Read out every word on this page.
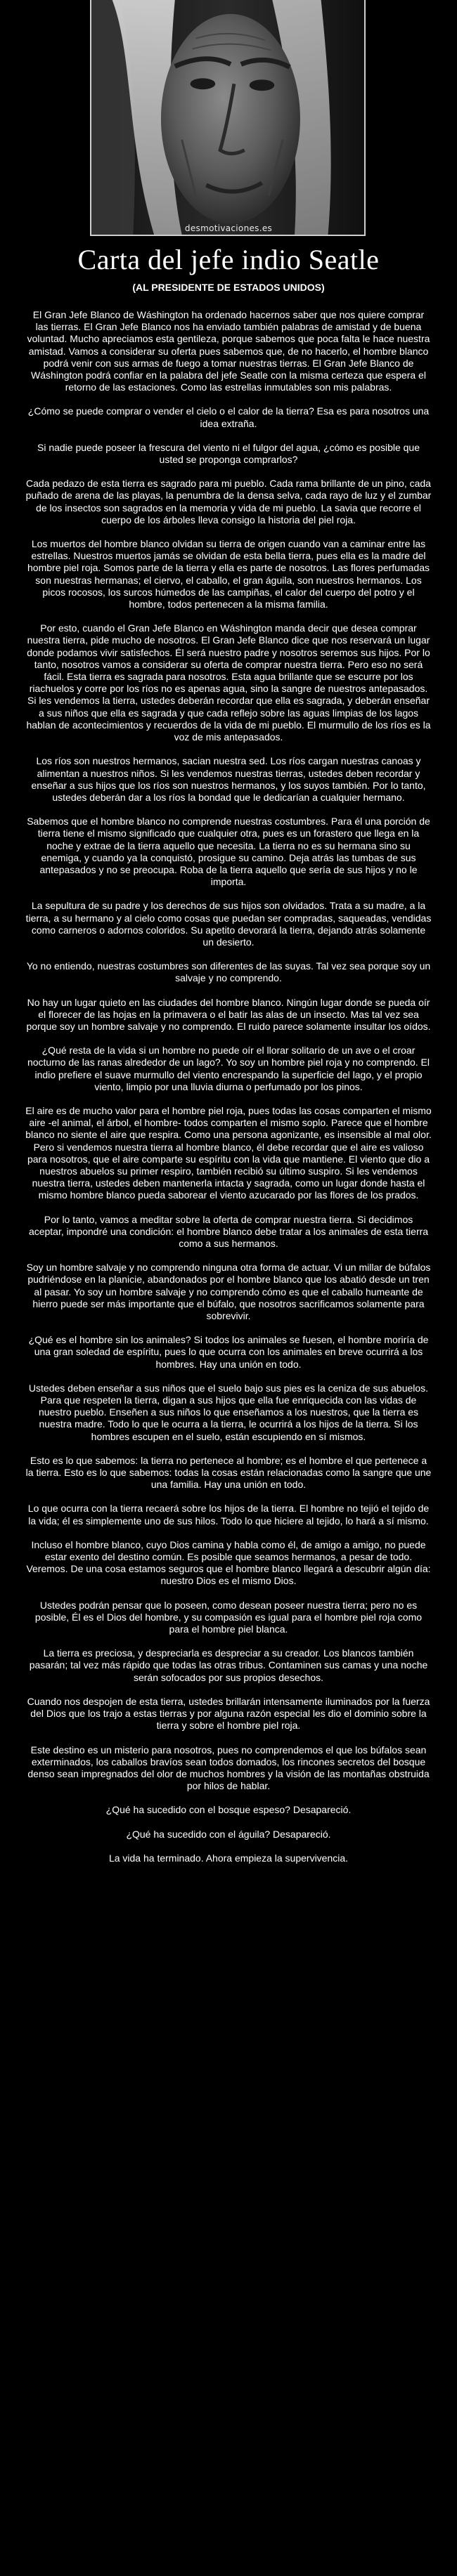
desmotivaciones.es
Carta del jefe indio Seatle
(AL PRESIDENTE DE ESTADOS UNIDOS)

El Gran Jefe Blanco de Wáshington ha ordenado hacernos saber que nos quiere comprar las tierras. El Gran Jefe Blanco nos ha enviado también palabras de amistad y de buena voluntad. Mucho apreciamos esta gentileza, porque sabemos que poca falta le hace nuestra amistad. Vamos a considerar su oferta pues sabemos que, de no hacerlo, el hombre blanco podrá venir con sus armas de fuego a tomar nuestras tierras. El Gran Jefe Blanco de Wáshington podrá confiar en la palabra del jefe Seatle con la misma certeza que espera el retorno de las estaciones. Como las estrellas inmutables son mis palabras.

¿Cómo se puede comprar o vender el cielo o el calor de la tierra? Esa es para nosotros una idea extraña.

Si nadie puede poseer la frescura del viento ni el fulgor del agua, ¿cómo es posible que usted se proponga comprarlos?

Cada pedazo de esta tierra es sagrado para mi pueblo. Cada rama brillante de un pino, cada puñado de arena de las playas, la penumbra de la densa selva, cada rayo de luz y el zumbar de los insectos son sagrados en la memoria y vida de mi pueblo. La savia que recorre el cuerpo de los árboles lleva consigo la historia del piel roja.

Los muertos del hombre blanco olvidan su tierra de origen cuando van a caminar entre las estrellas. Nuestros muertos jamás se olvidan de esta bella tierra, pues ella es la madre del hombre piel roja. Somos parte de la tierra y ella es parte de nosotros. Las flores perfumadas son nuestras hermanas; el ciervo, el caballo, el gran águila, son nuestros hermanos. Los picos rocosos, los surcos húmedos de las campiñas, el calor del cuerpo del potro y el hombre, todos pertenecen a la misma familia.

Por esto, cuando el Gran Jefe Blanco en Wáshington manda decir que desea comprar nuestra tierra, pide mucho de nosotros. El Gran Jefe Blanco dice que nos reservará un lugar donde podamos vivir satisfechos. Él será nuestro padre y nosotros seremos sus hijos. Por lo tanto, nosotros vamos a considerar su oferta de comprar nuestra tierra. Pero eso no será fácil. Esta tierra es sagrada para nosotros. Esta agua brillante que se escurre por los riachuelos y corre por los ríos no es apenas agua, sino la sangre de nuestros antepasados. Si les vendemos la tierra, ustedes deberán recordar que ella es sagrada, y deberán enseñar a sus niños que ella es sagrada y que cada reflejo sobre las aguas limpias de los lagos hablan de acontecimientos y recuerdos de la vida de mi pueblo. El murmullo de los ríos es la voz de mis antepasados.

Los ríos son nuestros hermanos, sacian nuestra sed. Los ríos cargan nuestras canoas y alimentan a nuestros niños. Si les vendemos nuestras tierras, ustedes deben recordar y enseñar a sus hijos que los ríos son nuestros hermanos, y los suyos también. Por lo tanto, ustedes deberán dar a los ríos la bondad que le dedicarían a cualquier hermano.

Sabemos que el hombre blanco no comprende nuestras costumbres. Para él una porción de tierra tiene el mismo significado que cualquier otra, pues es un forastero que llega en la noche y extrae de la tierra aquello que necesita. La tierra no es su hermana sino su enemiga, y cuando ya la conquistó, prosigue su camino. Deja atrás las tumbas de sus antepasados y no se preocupa. Roba de la tierra aquello que sería de sus hijos y no le importa.

La sepultura de su padre y los derechos de sus hijos son olvidados. Trata a su madre, a la tierra, a su hermano y al cielo como cosas que puedan ser compradas, saqueadas, vendidas como carneros o adornos coloridos. Su apetito devorará la tierra, dejando atrás solamente un desierto.

Yo no entiendo, nuestras costumbres son diferentes de las suyas. Tal vez sea porque soy un salvaje y no comprendo.

No hay un lugar quieto en las ciudades del hombre blanco. Ningún lugar donde se pueda oír el florecer de las hojas en la primavera o el batir las alas de un insecto. Mas tal vez sea porque soy un hombre salvaje y no comprendo. El ruido parece solamente insultar los oídos.

¿Qué resta de la vida si un hombre no puede oír el llorar solitario de un ave o el croar nocturno de las ranas alrededor de un lago?. Yo soy un hombre piel roja y no comprendo. El indio prefiere el suave murmullo del viento encrespando la superficie del lago, y el propio viento, limpio por una lluvia diurna o perfumado por los pinos.

El aire es de mucho valor para el hombre piel roja, pues todas las cosas comparten el mismo aire -el animal, el árbol, el hombre- todos comparten el mismo soplo. Parece que el hombre blanco no siente el aire que respira. Como una persona agonizante, es insensible al mal olor. Pero si vendemos nuestra tierra al hombre blanco, él debe recordar que el aire es valioso para nosotros, que el aire comparte su espíritu con la vida que mantiene. El viento que dio a nuestros abuelos su primer respiro, también recibió su último suspiro. Si les vendemos nuestra tierra, ustedes deben mantenerla intacta y sagrada, como un lugar donde hasta el mismo hombre blanco pueda saborear el viento azucarado por las flores de los prados.

Por lo tanto, vamos a meditar sobre la oferta de comprar nuestra tierra. Si decidimos aceptar, impondré una condición: el hombre blanco debe tratar a los animales de esta tierra como a sus hermanos.

Soy un hombre salvaje y no comprendo ninguna otra forma de actuar. Vi un millar de búfalos pudriéndose en la planicie, abandonados por el hombre blanco que los abatió desde un tren al pasar. Yo soy un hombre salvaje y no comprendo cómo es que el caballo humeante de hierro puede ser más importante que el búfalo, que nosotros sacrificamos solamente para sobrevivir.

¿Qué es el hombre sin los animales? Si todos los animales se fuesen, el hombre moriría de una gran soledad de espíritu, pues lo que ocurra con los animales en breve ocurrirá a los hombres. Hay una unión en todo.

Ustedes deben enseñar a sus niños que el suelo bajo sus pies es la ceniza de sus abuelos. Para que respeten la tierra, digan a sus hijos que ella fue enriquecida con las vidas de nuestro pueblo. Enseñen a sus niños lo que enseñamos a los nuestros, que la tierra es nuestra madre. Todo lo que le ocurra a la tierra, le ocurrirá a los hijos de la tierra. Si los hombres escupen en el suelo, están escupiendo en sí mismos.

Esto es lo que sabemos: la tierra no pertenece al hombre; es el hombre el que pertenece a la tierra. Esto es lo que sabemos: todas la cosas están relacionadas como la sangre que une una familia. Hay una unión en todo.

Lo que ocurra con la tierra recaerá sobre los hijos de la tierra. El hombre no tejió el tejido de la vida; él es simplemente uno de sus hilos. Todo lo que hiciere al tejido, lo hará a sí mismo.

Incluso el hombre blanco, cuyo Dios camina y habla como él, de amigo a amigo, no puede estar exento del destino común. Es posible que seamos hermanos, a pesar de todo. Veremos. De una cosa estamos seguros que el hombre blanco llegará a descubrir algún día: nuestro Dios es el mismo Dios.

Ustedes podrán pensar que lo poseen, como desean poseer nuestra tierra; pero no es posible, Él es el Dios del hombre, y su compasión es igual para el hombre piel roja como para el hombre piel blanca.

La tierra es preciosa, y despreciarla es despreciar a su creador. Los blancos también pasarán; tal vez más rápido que todas las otras tribus. Contaminen sus camas y una noche serán sofocados por sus propios desechos.

Cuando nos despojen de esta tierra, ustedes brillarán intensamente iluminados por la fuerza del Dios que los trajo a estas tierras y por alguna razón especial les dio el dominio sobre la tierra y sobre el hombre piel roja.

Este destino es un misterio para nosotros, pues no comprendemos el que los búfalos sean exterminados, los caballos bravíos sean todos domados, los rincones secretos del bosque denso sean impregnados del olor de muchos hombres y la visión de las montañas obstruida por hilos de hablar.

¿Qué ha sucedido con el bosque espeso? Desapareció.

¿Qué ha sucedido con el águila? Desapareció.

La vida ha terminado. Ahora empieza la supervivencia.
